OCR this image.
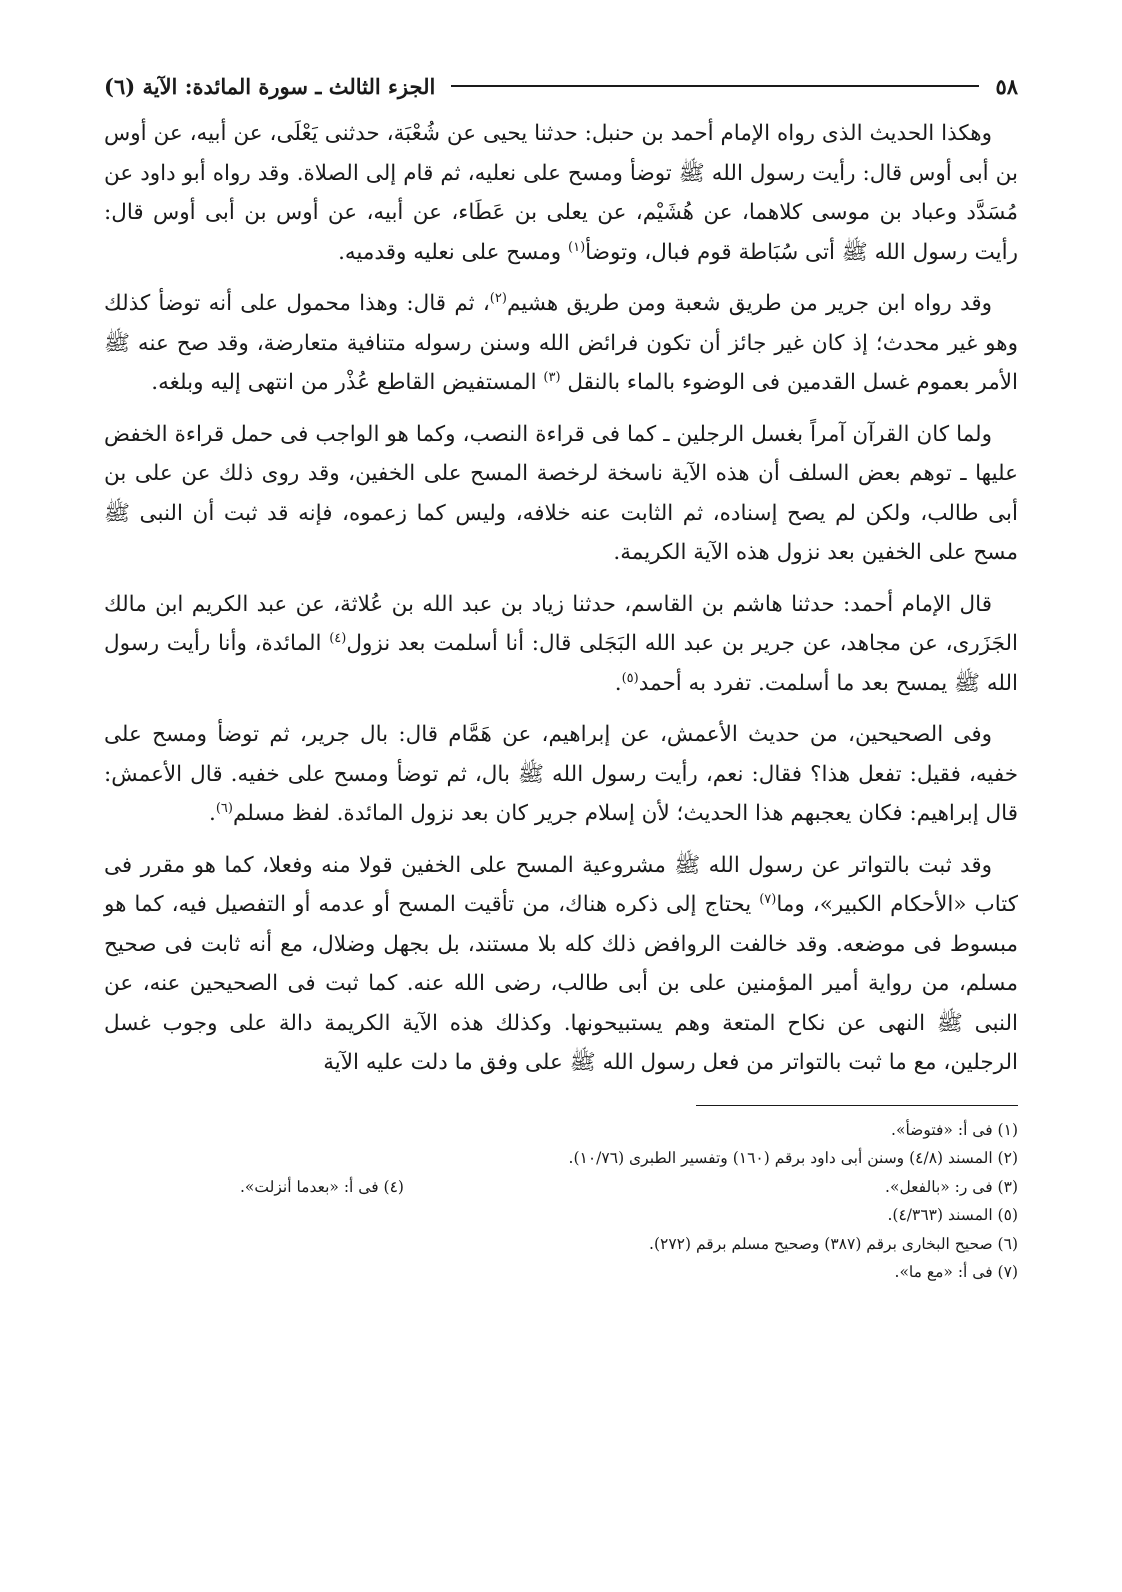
٥٨
الجزء الثالث ـ سورة المائدة: الآية (٦)

وهكذا الحديث الذى رواه الإمام أحمد بن حنبل: حدثنا يحيى عن شُعْبَة، حدثنى يَعْلَى، عن أبيه، عن أوس بن أبى أوس قال: رأيت رسول الله ﷺ توضأ ومسح على نعليه، ثم قام إلى الصلاة. وقد رواه أبو داود عن مُسَدَّد وعباد بن موسى كلاهما، عن هُشَيْم، عن يعلى بن عَطَاء، عن أبيه، عن أوس بن أبى أوس قال: رأيت رسول الله ﷺ أتى سُبَاطة قوم فبال، وتوضأ$^{(١)}$ ومسح على نعليه وقدميه.

وقد رواه ابن جرير من طريق شعبة ومن طريق هشيم$^{(٢)}$، ثم قال: وهذا محمول على أنه توضأ كذلك وهو غير محدث؛ إذ كان غير جائز أن تكون فرائض الله وسنن رسوله متنافية متعارضة، وقد صح عنه ﷺ الأمر بعموم غسل القدمين فى الوضوء بالماء بالنقل $^{(٣)}$ المستفيض القاطع عُذْر من انتهى إليه وبلغه.

ولما كان القرآن آمراً بغسل الرجلين ـ كما فى قراءة النصب، وكما هو الواجب فى حمل قراءة الخفض عليها ـ توهم بعض السلف أن هذه الآية ناسخة لرخصة المسح على الخفين، وقد روى ذلك عن على بن أبى طالب، ولكن لم يصح إسناده، ثم الثابت عنه خلافه، وليس كما زعموه، فإنه قد ثبت أن النبى ﷺ مسح على الخفين بعد نزول هذه الآية الكريمة.

قال الإمام أحمد: حدثنا هاشم بن القاسم، حدثنا زياد بن عبد الله بن عُلاثة، عن عبد الكريم ابن مالك الجَزَرى، عن مجاهد، عن جرير بن عبد الله البَجَلى قال: أنا أسلمت بعد نزول$^{(٤)}$ المائدة، وأنا رأيت رسول الله ﷺ يمسح بعد ما أسلمت. تفرد به أحمد$^{(٥)}$.

وفى الصحيحين، من حديث الأعمش، عن إبراهيم، عن هَمَّام قال: بال جرير، ثم توضأ ومسح على خفيه، فقيل: تفعل هذا؟ فقال: نعم، رأيت رسول الله ﷺ بال، ثم توضأ ومسح على خفيه. قال الأعمش: قال إبراهيم: فكان يعجبهم هذا الحديث؛ لأن إسلام جرير كان بعد نزول المائدة. لفظ مسلم$^{(٦)}$.

وقد ثبت بالتواتر عن رسول الله ﷺ مشروعية المسح على الخفين قولا منه وفعلا، كما هو مقرر فى كتاب «الأحكام الكبير»، وما$^{(٧)}$ يحتاج إلى ذكره هناك، من تأقيت المسح أو عدمه أو التفصيل فيه، كما هو مبسوط فى موضعه. وقد خالفت الروافض ذلك كله بلا مستند، بل بجهل وضلال، مع أنه ثابت فى صحيح مسلم، من رواية أمير المؤمنين على بن أبى طالب، رضى الله عنه. كما ثبت فى الصحيحين عنه، عن النبى ﷺ النهى عن نكاح المتعة وهم يستبيحونها. وكذلك هذه الآية الكريمة دالة على وجوب غسل الرجلين، مع ما ثبت بالتواتر من فعل رسول الله ﷺ على وفق ما دلت عليه الآية

(١) فى أ: «فتوضأ».
(٢) المسند (٤/٨) وسنن أبى داود برقم (١٦٠) وتفسير الطبرى (١٠/٧٦).
(٣) فى ر: «بالفعل».
(٤) فى أ: «بعدما أنزلت».
(٥) المسند (٤/٣٦٣).
(٦) صحيح البخارى برقم (٣٨٧) وصحيح مسلم برقم (٢٧٢).
(٧) فى أ: «مع ما».
